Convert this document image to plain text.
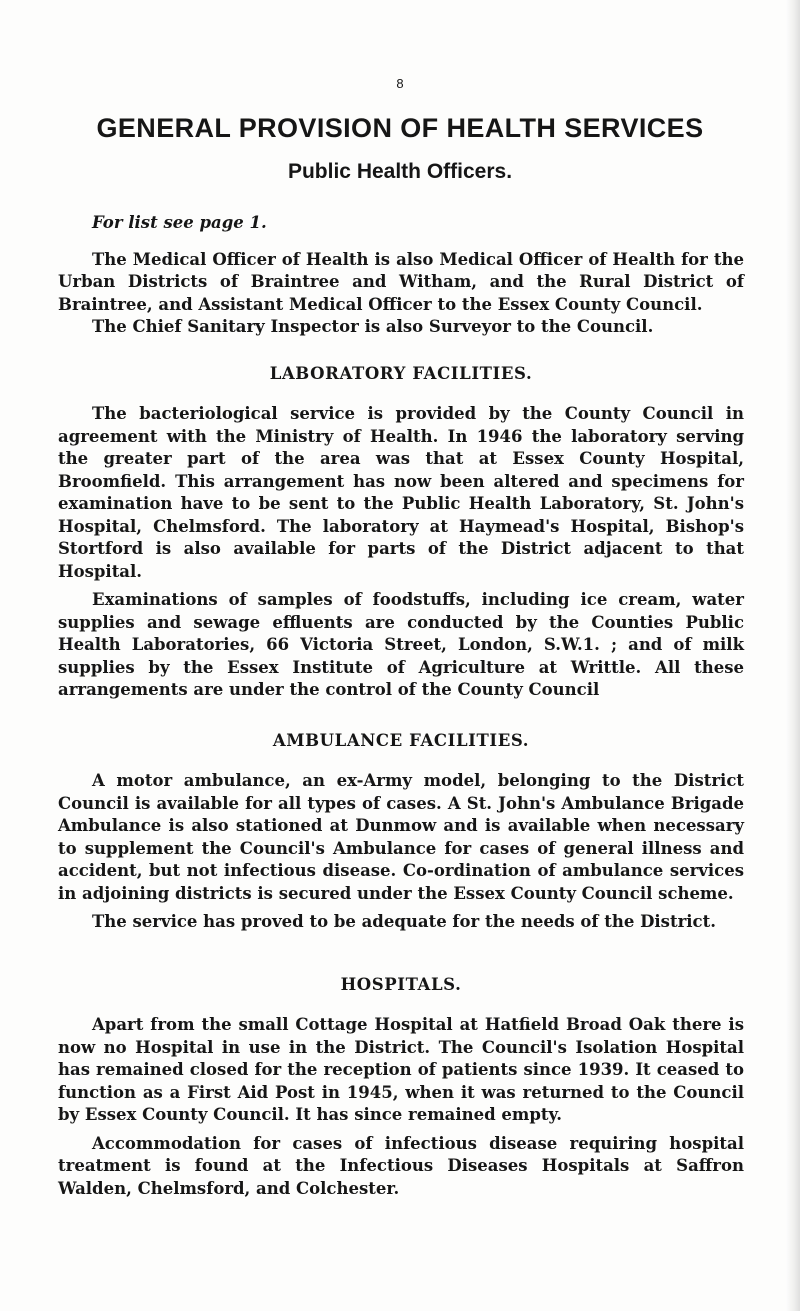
8
GENERAL PROVISION OF HEALTH SERVICES
Public Health Officers.

For list see page 1.

The Medical Officer of Health is also Medical Officer of Health for the Urban Districts of Braintree and Witham, and the Rural District of Braintree, and Assistant Medical Officer to the Essex County Council.

The Chief Sanitary Inspector is also Surveyor to the Council.

LABORATORY FACILITIES.

The bacteriological service is provided by the County Council in agreement with the Ministry of Health. In 1946 the laboratory serving the greater part of the area was that at Essex County Hospital, Broomfield. This arrangement has now been altered and specimens for examination have to be sent to the Public Health Laboratory, St. John's Hospital, Chelmsford. The laboratory at Haymead's Hospital, Bishop's Stortford is also available for parts of the District adjacent to that Hospital.

Examinations of samples of foodstuffs, including ice cream, water supplies and sewage effluents are conducted by the Counties Public Health Laboratories, 66 Victoria Street, London, S.W.1. ; and of milk supplies by the Essex Institute of Agriculture at Writtle. All these arrangements are under the control of the County Council

AMBULANCE FACILITIES.

A motor ambulance, an ex-Army model, belonging to the District Council is available for all types of cases. A St. John's Ambulance Brigade Ambulance is also stationed at Dunmow and is available when necessary to supplement the Council's Ambulance for cases of general illness and accident, but not infectious disease. Co-ordination of ambulance services in adjoining districts is secured under the Essex County Council scheme.

The service has proved to be adequate for the needs of the District.

HOSPITALS.

Apart from the small Cottage Hospital at Hatfield Broad Oak there is now no Hospital in use in the District. The Council's Isolation Hospital has remained closed for the reception of patients since 1939. It ceased to function as a First Aid Post in 1945, when it was returned to the Council by Essex County Council. It has since remained empty.

Accommodation for cases of infectious disease requiring hospital treatment is found at the Infectious Diseases Hospitals at Saffron Walden, Chelmsford, and Colchester.
